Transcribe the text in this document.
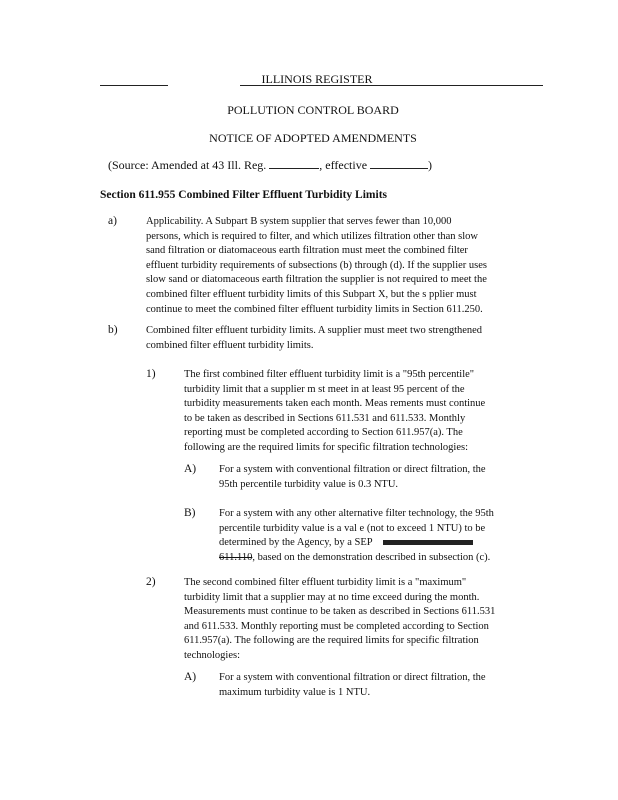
ILLINOIS REGISTER
POLLUTION CONTROL BOARD
NOTICE OF ADOPTED AMENDMENTS
(Source: Amended at 43 Ill. Reg.	, effective	)
Section 611.955 Combined Filter Effluent Turbidity Limits
a)	Applicability. A Subpart B system supplier that serves fewer than 10,000
persons, which is required to filter, and which utilizes filtration other than slow
sand filtration or diatomaceous earth filtration must meet the combined filter
effluent turbidity requirements of subsections (b) through (d). If the supplier uses
slow sand or diatomaceous earth filtration the supplier is not required to meet the
combined filter effluent turbidity limits of this Subpart X, but the s pplier must
continue to meet the combined filter effluent turbidity limits in Section 611.250.
b)	Combined filter effluent turbidity limits. A supplier must meet two strengthened
combined filter effluent turbidity limits.
1)	The first combined filter effluent turbidity limit is a "95th percentile"
turbidity limit that a supplier m st meet in at least 95 percent of the
turbidity measurements taken each month. Meas rements must continue
to be taken as described in Sections 611.531 and 611.533. Monthly
reporting must be completed according to Section 611.957(a). The
following are the required limits for specific filtration technologies:
A) For a system with conventional filtration or direct filtration, the
95th percentile turbidity value is 0.3 NTU.
B) For a system with any other alternative filter technology, the 95th
percentile turbidity value is a val e (not to exceed 1 NTU) to be
determined by the Agency, by a SEP
611.110, based on the demonstration described in subsection (c).
2)	The second combined filter effluent turbidity limit is a "maximum"
turbidity limit that a supplier may at no time exceed during the month.
Measurements must continue to be taken as described in Sections 611.531
and 611.533. Monthly reporting must be completed according to Section
611.957(a). The following are the required limits for specific filtration
technologies:
A) For a system with conventional filtration or direct filtration, the
maximum turbidity value is 1 NTU.
